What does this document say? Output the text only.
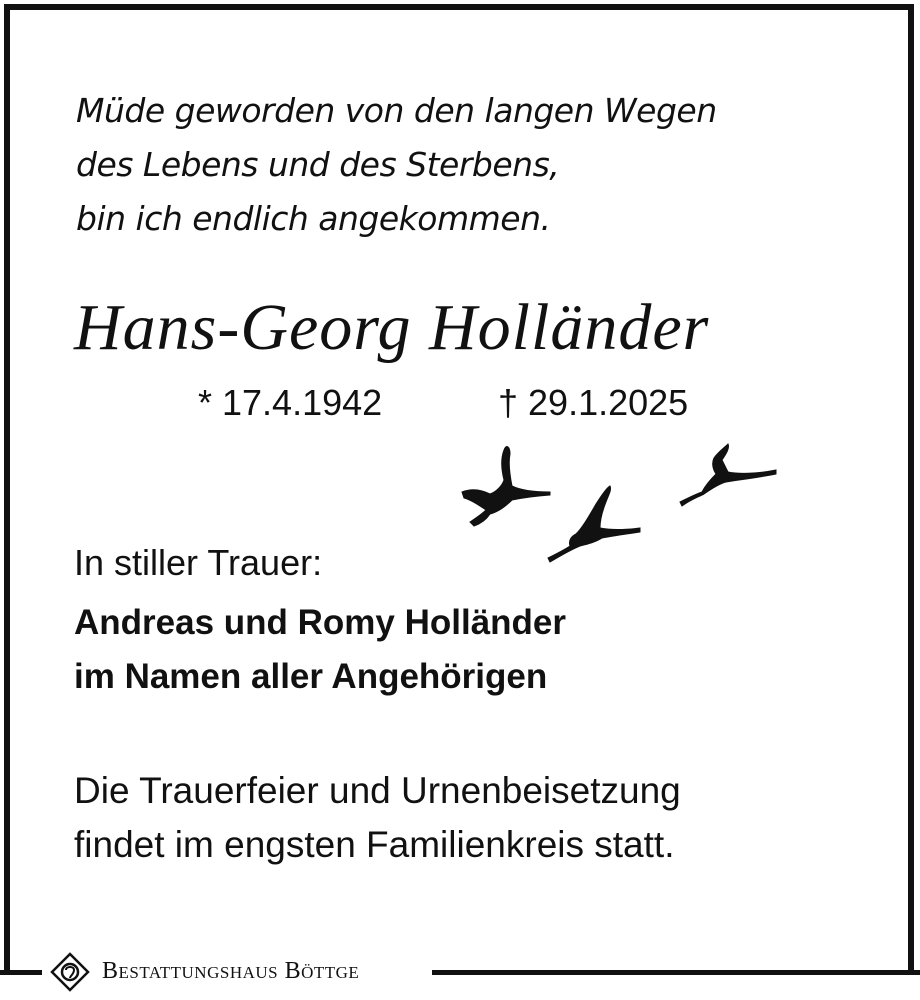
Müde geworden von den langen Wegen
des Lebens und des Sterbens,
bin ich endlich angekommen.
Hans-Georg Holländer
* 17.4.1942	† 29.1.2025
In stiller Trauer:
Andreas und Romy Holländer
im Namen aller Angehörigen
Die Trauerfeier und Urnenbeisetzung
findet im engsten Familienkreis statt.
Bestattungshaus Böttge
